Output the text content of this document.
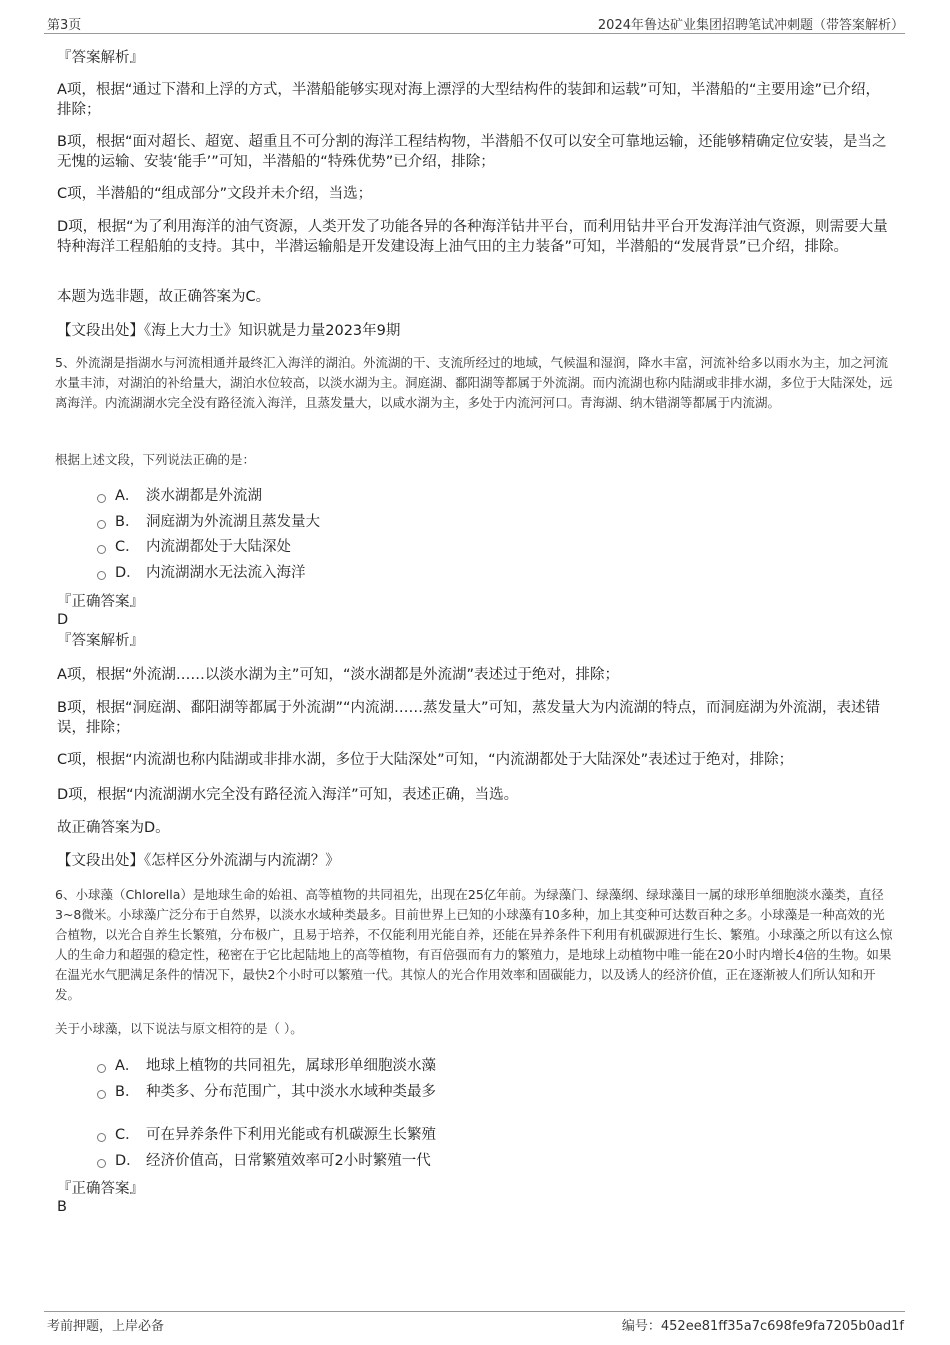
第3页	2024年鲁达矿业集团招聘笔试冲刺题（带答案解析）

『答案解析』

A项，根据“通过下潜和上浮的方式，半潜船能够实现对海上漂浮的大型结构件的装卸和运载”可知，半潜船的“主要用途”已介绍，排除；

B项，根据“面对超长、超宽、超重且不可分割的海洋工程结构物，半潜船不仅可以安全可靠地运输，还能够精确定位安装，是当之无愧的运输、安装‘能手’”可知，半潜船的“特殊优势”已介绍，排除；

C项，半潜船的“组成部分”文段并未介绍，当选；

D项，根据“为了利用海洋的油气资源，人类开发了功能各异的各种海洋钻井平台，而利用钻井平台开发海洋油气资源，则需要大量特种海洋工程船舶的支持。其中，半潜运输船是开发建设海上油气田的主力装备”可知，半潜船的“发展背景”已介绍，排除。

本题为选非题，故正确答案为C。

【文段出处】《海上大力士》知识就是力量2023年9期

5、外流湖是指湖水与河流相通并最终汇入海洋的湖泊。外流湖的干、支流所经过的地域，气候温和湿润，降水丰富，河流补给多以雨水为主，加之河流水量丰沛，对湖泊的补给量大，湖泊水位较高，以淡水湖为主。洞庭湖、鄱阳湖等都属于外流湖。而内流湖也称内陆湖或非排水湖，多位于大陆深处，远离海洋。内流湖湖水完全没有路径流入海洋，且蒸发量大，以咸水湖为主，多处于内流河河口。青海湖、纳木错湖等都属于内流湖。

根据上述文段，下列说法正确的是：

A． 淡水湖都是外流湖
B． 洞庭湖为外流湖且蒸发量大
C． 内流湖都处于大陆深处
D． 内流湖湖水无法流入海洋

『正确答案』

D

『答案解析』

A项，根据“外流湖……以淡水湖为主”可知，“淡水湖都是外流湖”表述过于绝对，排除；

B项，根据“洞庭湖、鄱阳湖等都属于外流湖”“内流湖……蒸发量大”可知，蒸发量大为内流湖的特点，而洞庭湖为外流湖，表述错误，排除；

C项，根据“内流湖也称内陆湖或非排水湖，多位于大陆深处”可知，“内流湖都处于大陆深处”表述过于绝对，排除；

D项，根据“内流湖湖水完全没有路径流入海洋”可知，表述正确，当选。

故正确答案为D。

【文段出处】《怎样区分外流湖与内流湖？》

6、小球藻（Chlorella）是地球生命的始祖、高等植物的共同祖先，出现在25亿年前。为绿藻门、绿藻纲、绿球藻目一属的球形单细胞淡水藻类，直径3~8微米。小球藻广泛分布于自然界，以淡水水域种类最多。目前世界上已知的小球藻有10多种，加上其变种可达数百种之多。小球藻是一种高效的光合植物，以光合自养生长繁殖，分布极广，且易于培养，不仅能利用光能自养，还能在异养条件下利用有机碳源进行生长、繁殖。小球藻之所以有这么惊人的生命力和超强的稳定性，秘密在于它比起陆地上的高等植物，有百倍强而有力的繁殖力，是地球上动植物中唯一能在20小时内增长4倍的生物。如果在温光水气肥满足条件的情况下，最快2个小时可以繁殖一代。其惊人的光合作用效率和固碳能力，以及诱人的经济价值，正在逐渐被人们所认知和开发。

关于小球藻，以下说法与原文相符的是（ ）。

A． 地球上植物的共同祖先，属球形单细胞淡水藻
B． 种类多、分布范围广，其中淡水水域种类最多
C． 可在异养条件下利用光能或有机碳源生长繁殖
D． 经济价值高，日常繁殖效率可2小时繁殖一代

『正确答案』

B

考前押题，上岸必备	编号：452ee81ff35a7c698fe9fa7205b0ad1f
